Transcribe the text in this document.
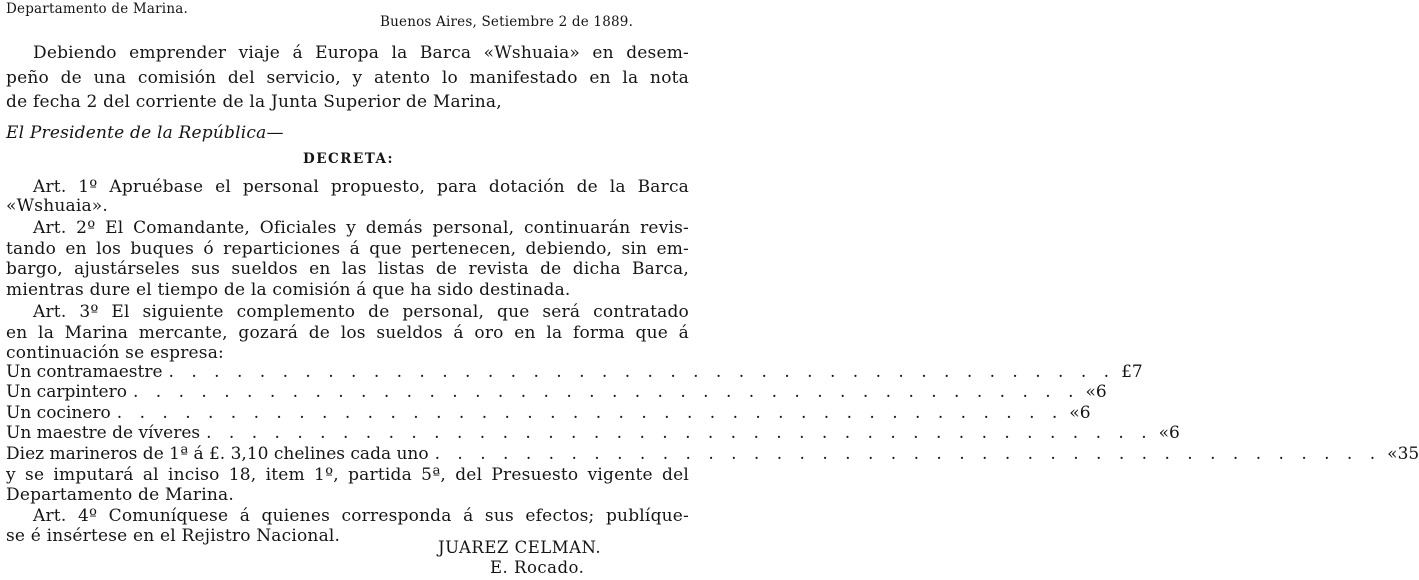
Departamento de Marina.
Buenos Aires, Setiembre 2 de 1889.
Debiendo emprender viaje á Europa la Barca «Wshuaia» en desem-
peño de una comisión del servicio, y atento lo manifestado en la nota
de fecha 2 del corriente de la Junta Superior de Marina,
El Presidente de la República—
DECRETA:
Art. 1º Apruébase el personal propuesto, para dotación de la Barca
«Wshuaia».
Art. 2º El Comandante, Oficiales y demás personal, continuarán revis-
tando en los buques ó reparticiones á que pertenecen, debiendo, sin em-
bargo, ajustárseles sus sueldos en las listas de revista de dicha Barca,
mientras dure el tiempo de la comisión á que ha sido destinada.
Art. 3º El siguiente complemento de personal, que será contratado
en la Marina mercante, gozará de los sueldos á oro en la forma que á
continuación se espresa:
Un contramaestre . . . . . . . . . . . . . . . . . . . . . . . . . . . . . . . . . . . . . . . . . . £ 7
Un carpintero . . . . . . . . . . . . . . . . . . . . . . . . . . . . . . . . . . . . . . . . . . « 6
Un cocinero . . . . . . . . . . . . . . . . . . . . . . . . . . . . . . . . . . . . . . . . . . « 6
Un maestre de víveres . . . . . . . . . . . . . . . . . . . . . . . . . . . . . . . . . . . . . . . . . . « 6
Diez marineros de 1ª á £. 3,10 chelines cada uno . . . . . . . . . . . . . . . . . . . . . . . . . . . . . . . . . . . . . . . . . . « 35
y se imputará al inciso 18, item 1º, partida 5ª, del Presuesto vigente del
Departamento de Marina.
Art. 4º Comuníquese á quienes corresponda á sus efectos; publíque-
se é insértese en el Rejistro Nacional.
JUAREZ CELMAN.
E. Rocado.
